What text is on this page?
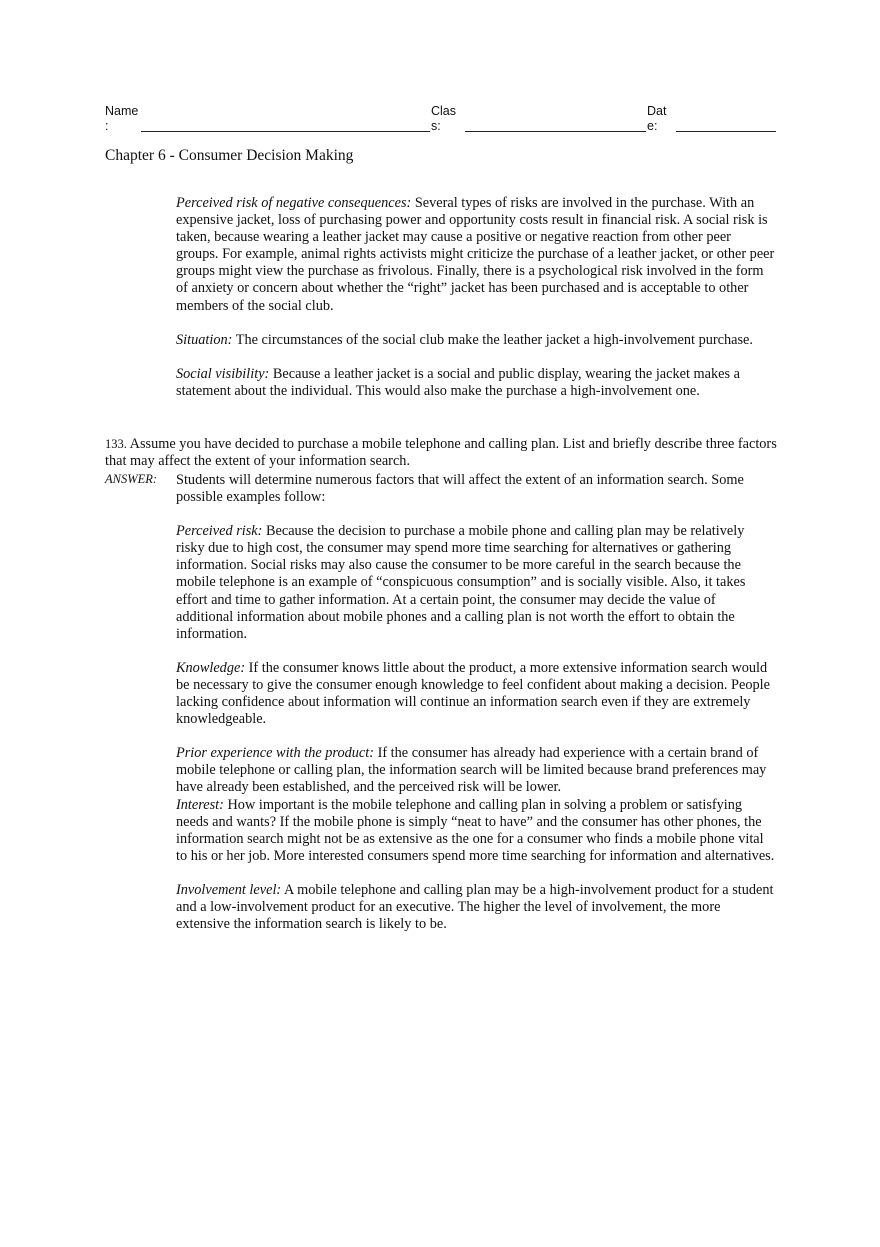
Name
:
Clas
s:
Dat
e:
Chapter 6 - Consumer Decision Making

Perceived risk of negative consequences: Several types of risks are involved in the purchase. With an expensive jacket, loss of purchasing power and opportunity costs result in financial risk. A social risk is taken, because wearing a leather jacket may cause a positive or negative reaction from other peer groups. For example, animal rights activists might criticize the purchase of a leather jacket, or other peer groups might view the purchase as frivolous. Finally, there is a psychological risk involved in the form of anxiety or concern about whether the “right” jacket has been purchased and is acceptable to other members of the social club.

Situation: The circumstances of the social club make the leather jacket a high-involvement purchase.

Social visibility: Because a leather jacket is a social and public display, wearing the jacket makes a statement about the individual. This would also make the purchase a high-involvement one.

133. Assume you have decided to purchase a mobile telephone and calling plan. List and briefly describe three factors that may affect the extent of your information search.
ANSWER: Students will determine numerous factors that will affect the extent of an information search. Some possible examples follow:

Perceived risk: Because the decision to purchase a mobile phone and calling plan may be relatively risky due to high cost, the consumer may spend more time searching for alternatives or gathering information. Social risks may also cause the consumer to be more careful in the search because the mobile telephone is an example of “conspicuous consumption” and is socially visible. Also, it takes effort and time to gather information. At a certain point, the consumer may decide the value of additional information about mobile phones and a calling plan is not worth the effort to obtain the information.

Knowledge: If the consumer knows little about the product, a more extensive information search would be necessary to give the consumer enough knowledge to feel confident about making a decision. People lacking confidence about information will continue an information search even if they are extremely knowledgeable.

Prior experience with the product: If the consumer has already had experience with a certain brand of mobile telephone or calling plan, the information search will be limited because brand preferences may have already been established, and the perceived risk will be lower.

Interest: How important is the mobile telephone and calling plan in solving a problem or satisfying needs and wants? If the mobile phone is simply “neat to have” and the consumer has other phones, the information search might not be as extensive as the one for a consumer who finds a mobile phone vital to his or her job. More interested consumers spend more time searching for information and alternatives.

Involvement level: A mobile telephone and calling plan may be a high-involvement product for a student and a low-involvement product for an executive. The higher the level of involvement, the more extensive the information search is likely to be.
